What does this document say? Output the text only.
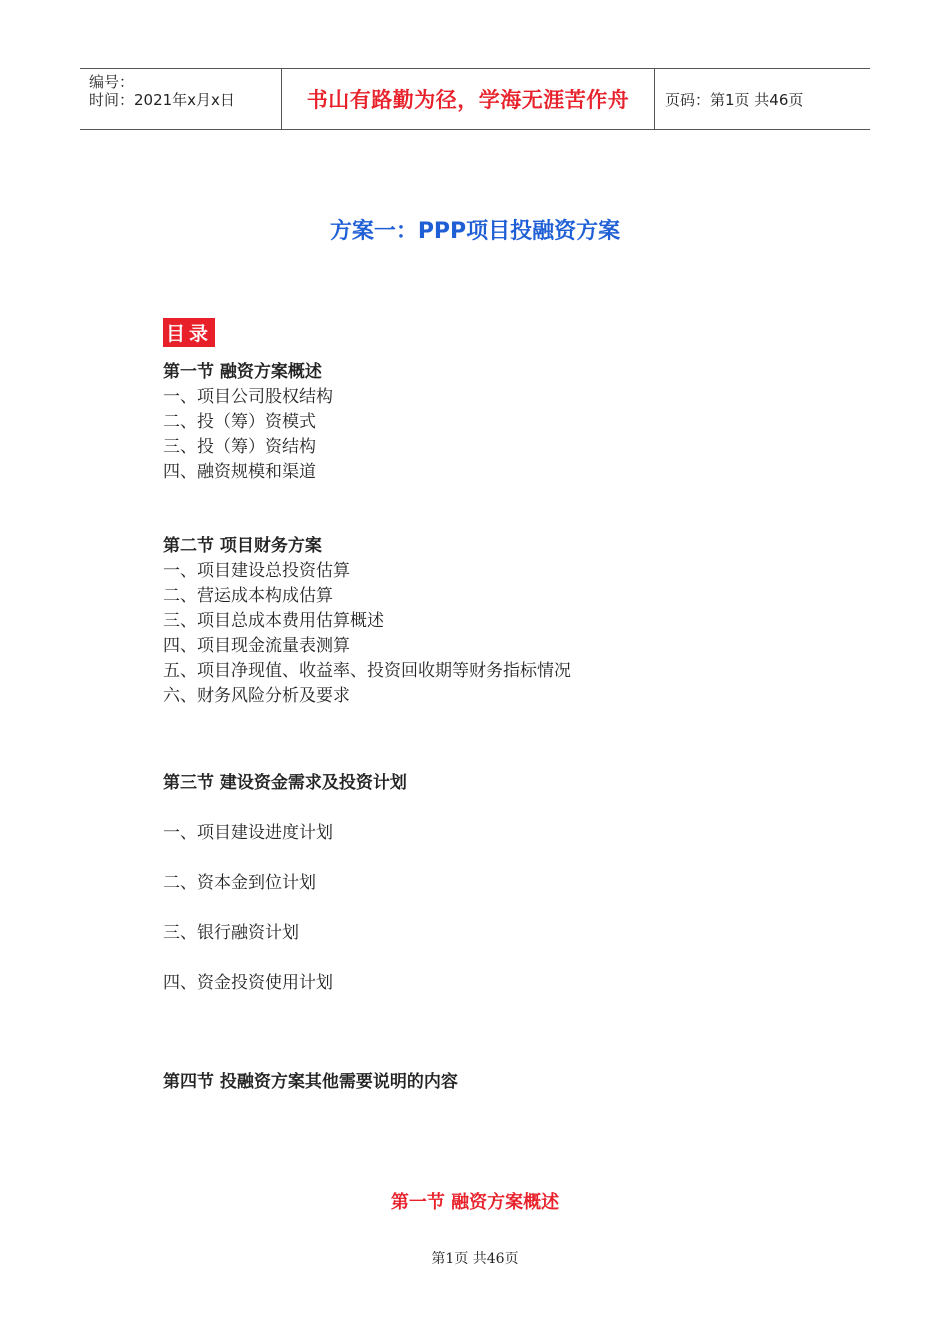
编号：
时间：2021年x月x日	书山有路勤为径，学海无涯苦作舟 页码：第1页 共46页
方案一：PPP项目投融资方案
目录
第一节 融资方案概述
一、项目公司股权结构
二、投（筹）资模式
三、投（筹）资结构
四、融资规模和渠道
第二节 项目财务方案
一、项目建设总投资估算
二、营运成本构成估算
三、项目总成本费用估算概述
四、项目现金流量表测算
五、项目净现值、收益率、投资回收期等财务指标情况
六、财务风险分析及要求
第三节 建设资金需求及投资计划
一、项目建设进度计划
二、资本金到位计划
三、银行融资计划
四、资金投资使用计划
第四节 投融资方案其他需要说明的内容
第一节 融资方案概述
第1页 共46页
